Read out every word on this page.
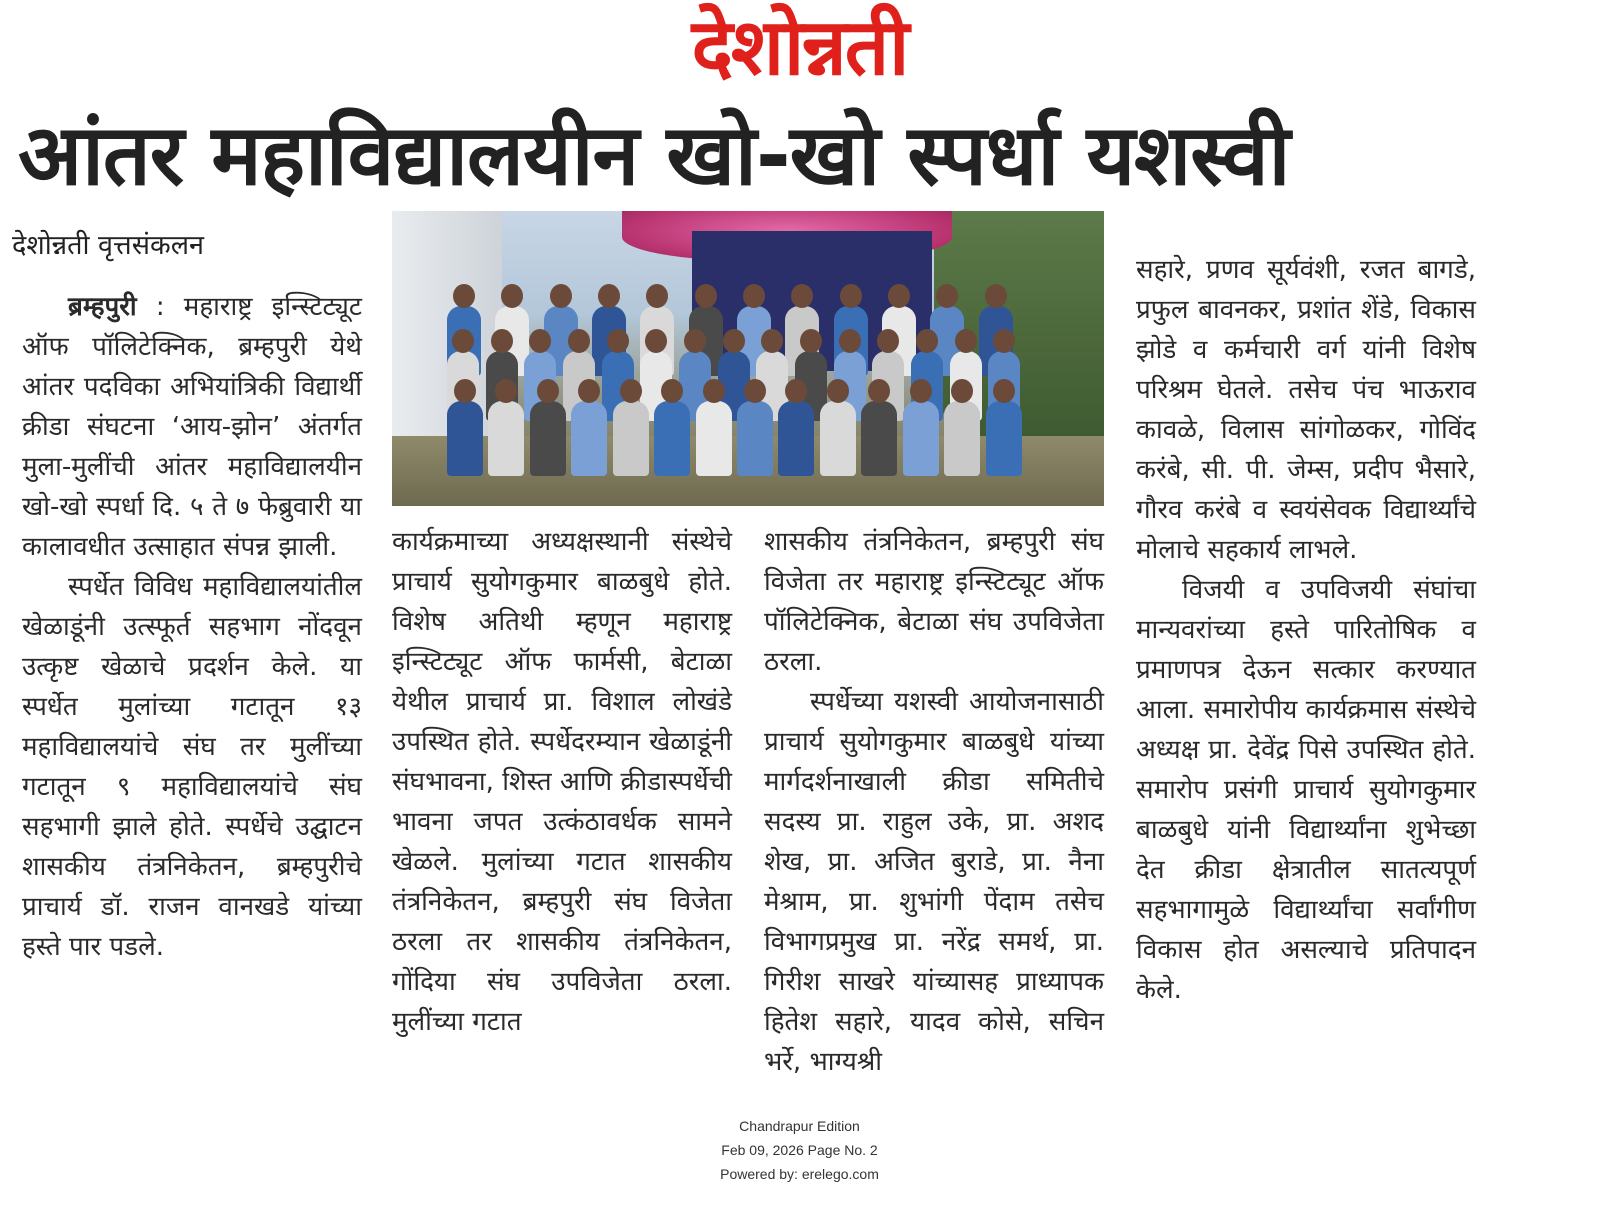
देशोन्नती
आंतर महाविद्यालयीन खो-खो स्पर्धा यशस्वी
देशोन्नती वृत्तसंकलन

ब्रम्हपुरी : महाराष्ट्र इन्स्टिट्यूट ऑफ पॉलिटेक्निक, ब्रम्हपुरी येथे आंतर पदविका अभियांत्रिकी विद्यार्थी क्रीडा संघटना ‘आय-झोन’ अंतर्गत मुला-मुलींची आंतर महाविद्यालयीन खो-खो स्पर्धा दि. ५ ते ७ फेब्रुवारी या कालावधीत उत्साहात संपन्न झाली.

स्पर्धेत विविध महाविद्यालयांतील खेळाडूंनी उत्स्फूर्त सहभाग नोंदवून उत्कृष्ट खेळाचे प्रदर्शन केले. या स्पर्धेत मुलांच्या गटातून १३ महाविद्यालयांचे संघ तर मुलींच्या गटातून ९ महाविद्यालयांचे संघ सहभागी झाले होते. स्पर्धेचे उद्घाटन शासकीय तंत्रनिकेतन, ब्रम्हपुरीचे प्राचार्य डॉ. राजन वानखडे यांच्या हस्ते पार पडले.

कार्यक्रमाच्या अध्यक्षस्थानी संस्थेचे प्राचार्य सुयोगकुमार बाळबुधे होते. विशेष अतिथी म्हणून महाराष्ट्र इन्स्टिट्यूट ऑफ फार्मसी, बेटाळा येथील प्राचार्य प्रा. विशाल लोखंडे उपस्थित होते. स्पर्धेदरम्यान खेळाडूंनी संघभावना, शिस्त आणि क्रीडास्पर्धेची भावना जपत उत्कंठावर्धक सामने खेळले. मुलांच्या गटात शासकीय तंत्रनिकेतन, ब्रम्हपुरी संघ विजेता ठरला तर शासकीय तंत्रनिकेतन, गोंदिया संघ उपविजेता ठरला. मुलींच्या गटात

शासकीय तंत्रनिकेतन, ब्रम्हपुरी संघ विजेता तर महाराष्ट्र इन्स्टिट्यूट ऑफ पॉलिटेक्निक, बेटाळा संघ उपविजेता ठरला.

स्पर्धेच्या यशस्वी आयोजनासाठी प्राचार्य सुयोगकुमार बाळबुधे यांच्या मार्गदर्शनाखाली क्रीडा समितीचे सदस्य प्रा. राहुल उके, प्रा. अशद शेख, प्रा. अजित बुराडे, प्रा. नैना मेश्राम, प्रा. शुभांगी पेंदाम तसेच विभागप्रमुख प्रा. नरेंद्र समर्थ, प्रा. गिरीश साखरे यांच्यासह प्राध्यापक हितेश सहारे, यादव कोसे, सचिन भर्रे, भाग्यश्री

सहारे, प्रणव सूर्यवंशी, रजत बागडे, प्रफुल बावनकर, प्रशांत शेंडे, विकास झोडे व कर्मचारी वर्ग यांनी विशेष परिश्रम घेतले. तसेच पंच भाऊराव कावळे, विलास सांगोळकर, गोविंद करंबे, सी. पी. जेम्स, प्रदीप भैसारे, गौरव करंबे व स्वयंसेवक विद्यार्थ्यांचे मोलाचे सहकार्य लाभले.

विजयी व उपविजयी संघांचा मान्यवरांच्या हस्ते पारितोषिक व प्रमाणपत्र देऊन सत्कार करण्यात आला. समारोपीय कार्यक्रमास संस्थेचे अध्यक्ष प्रा. देवेंद्र पिसे उपस्थित होते. समारोप प्रसंगी प्राचार्य सुयोगकुमार बाळबुधे यांनी विद्यार्थ्यांना शुभेच्छा देत क्रीडा क्षेत्रातील सातत्यपूर्ण सहभागामुळे विद्यार्थ्यांचा सर्वांगीण विकास होत असल्याचे प्रतिपादन केले.

Chandrapur Edition
Feb 09, 2026 Page No. 2
Powered by: erelego.com
